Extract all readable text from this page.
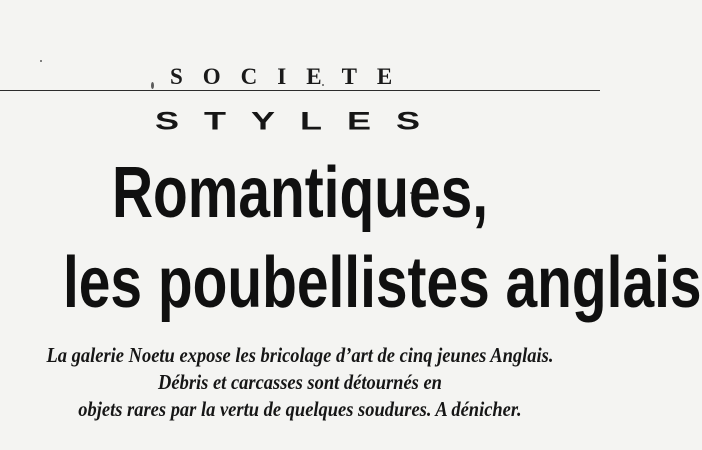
SOCIETE
STYLES
Romantiques,
les poubellistes anglais
La galerie Noetu expose les bricolage d’art de cinq jeunes Anglais.
Débris et carcasses sont détournés en
objets rares par la vertu de quelques soudures. A dénicher.
